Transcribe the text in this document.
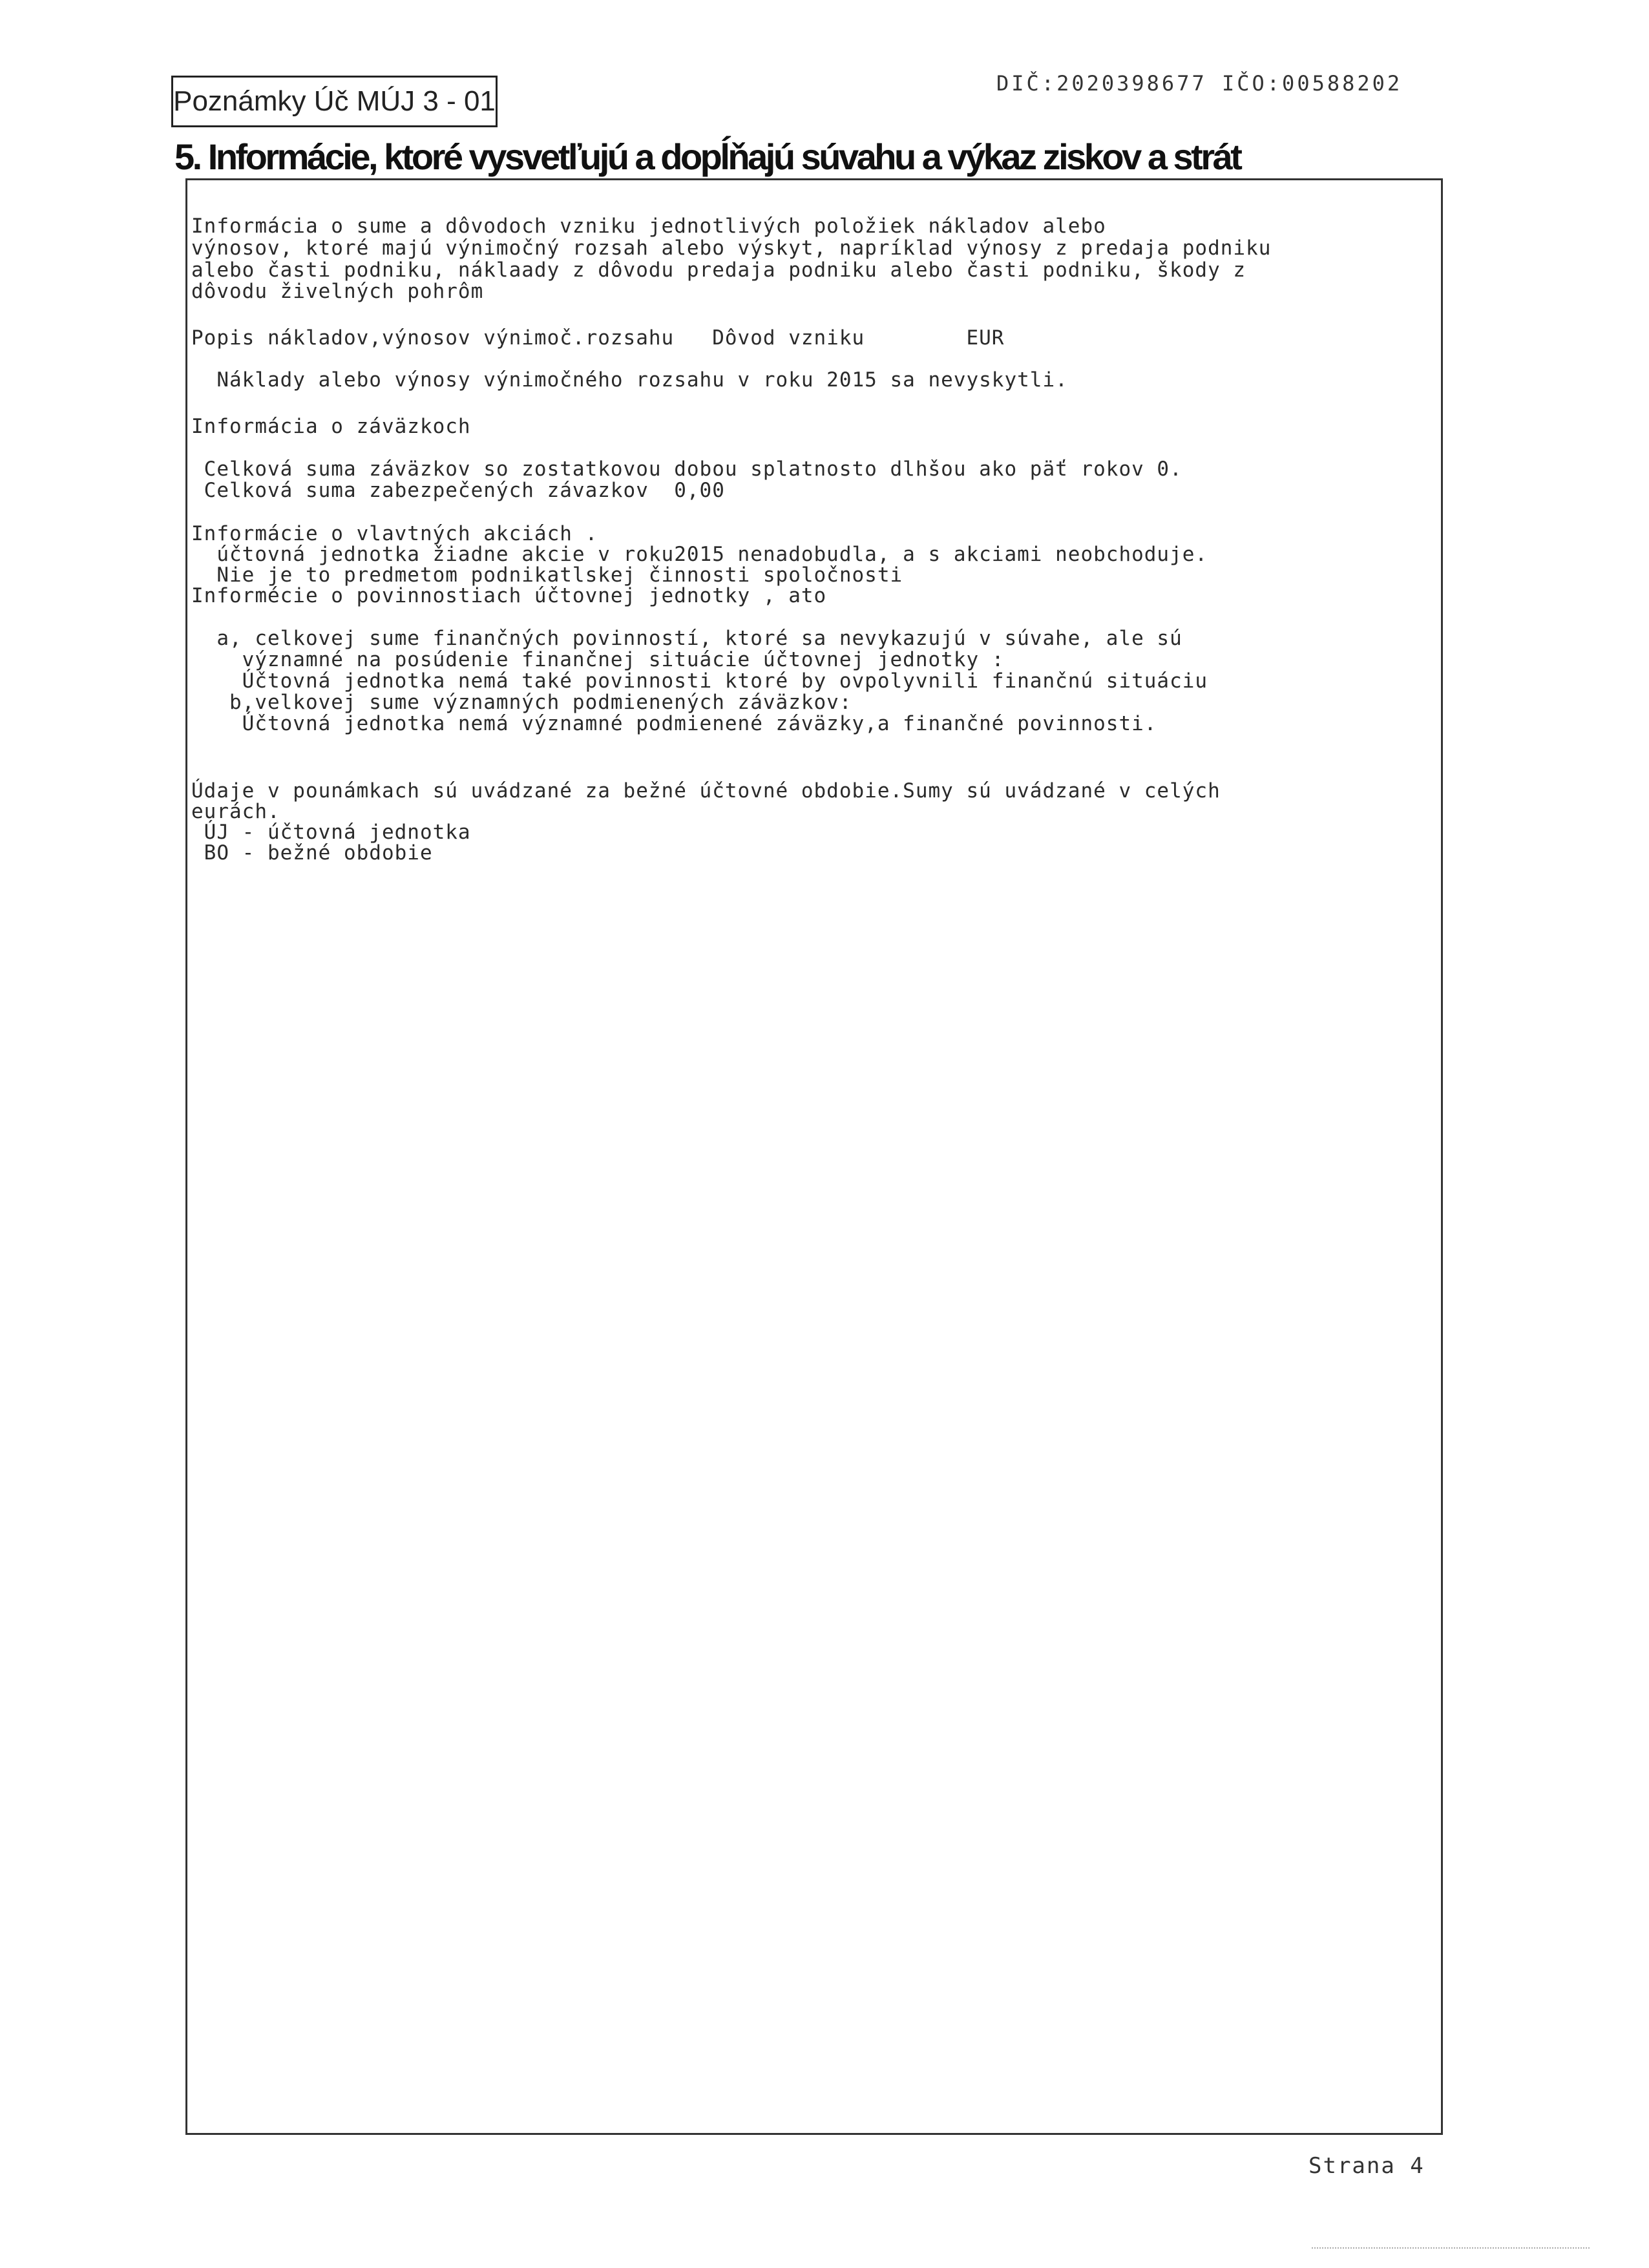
Poznámky Úč MÚJ 3 - 01
DIČ:2020398677 IČO:00588202
5. Informácie, ktoré vysvetľujú a dopĺňajú súvahu a výkaz ziskov a strát
Informácia o sume a dôvodoch vzniku jednotlivých položiek nákladov alebo
výnosov, ktoré majú výnimočný rozsah alebo výskyt, napríklad výnosy z predaja podniku
alebo časti podniku, náklaady z dôvodu predaja podniku alebo časti podniku, škody z
dôvodu živelných pohrôm
Popis nákladov,výnosov výnimoč.rozsahu   Dôvod vzniku        EUR
Náklady alebo výnosy výnimočného rozsahu v roku 2015 sa nevyskytli.
Informácia o záväzkoch
Celková suma záväzkov so zostatkovou dobou splatnosto dlhšou ako päť rokov 0.
Celková suma zabezpečených závazkov  0,00
Informácie o vlavtných akciách .
účtovná jednotka žiadne akcie v roku2015 nenadobudla, a s akciami neobchoduje.
Nie je to predmetom podnikatlskej činnosti spoločnosti
Informécie o povinnostiach účtovnej jednotky , ato
a, celkovej sume finančných povinností, ktoré sa nevykazujú v súvahe, ale sú
významné na posúdenie finančnej situácie účtovnej jednotky :
Účtovná jednotka nemá také povinnosti ktoré by ovpolyvnili finančnú situáciu
b,velkovej sume významných podmienených záväzkov:
Účtovná jednotka nemá významné podmienené záväzky,a finančné povinnosti.
Údaje v pounámkach sú uvádzané za bežné účtovné obdobie.Sumy sú uvádzané v celých
eurách.
ÚJ - účtovná jednotka
BO - bežné obdobie
Strana 4
